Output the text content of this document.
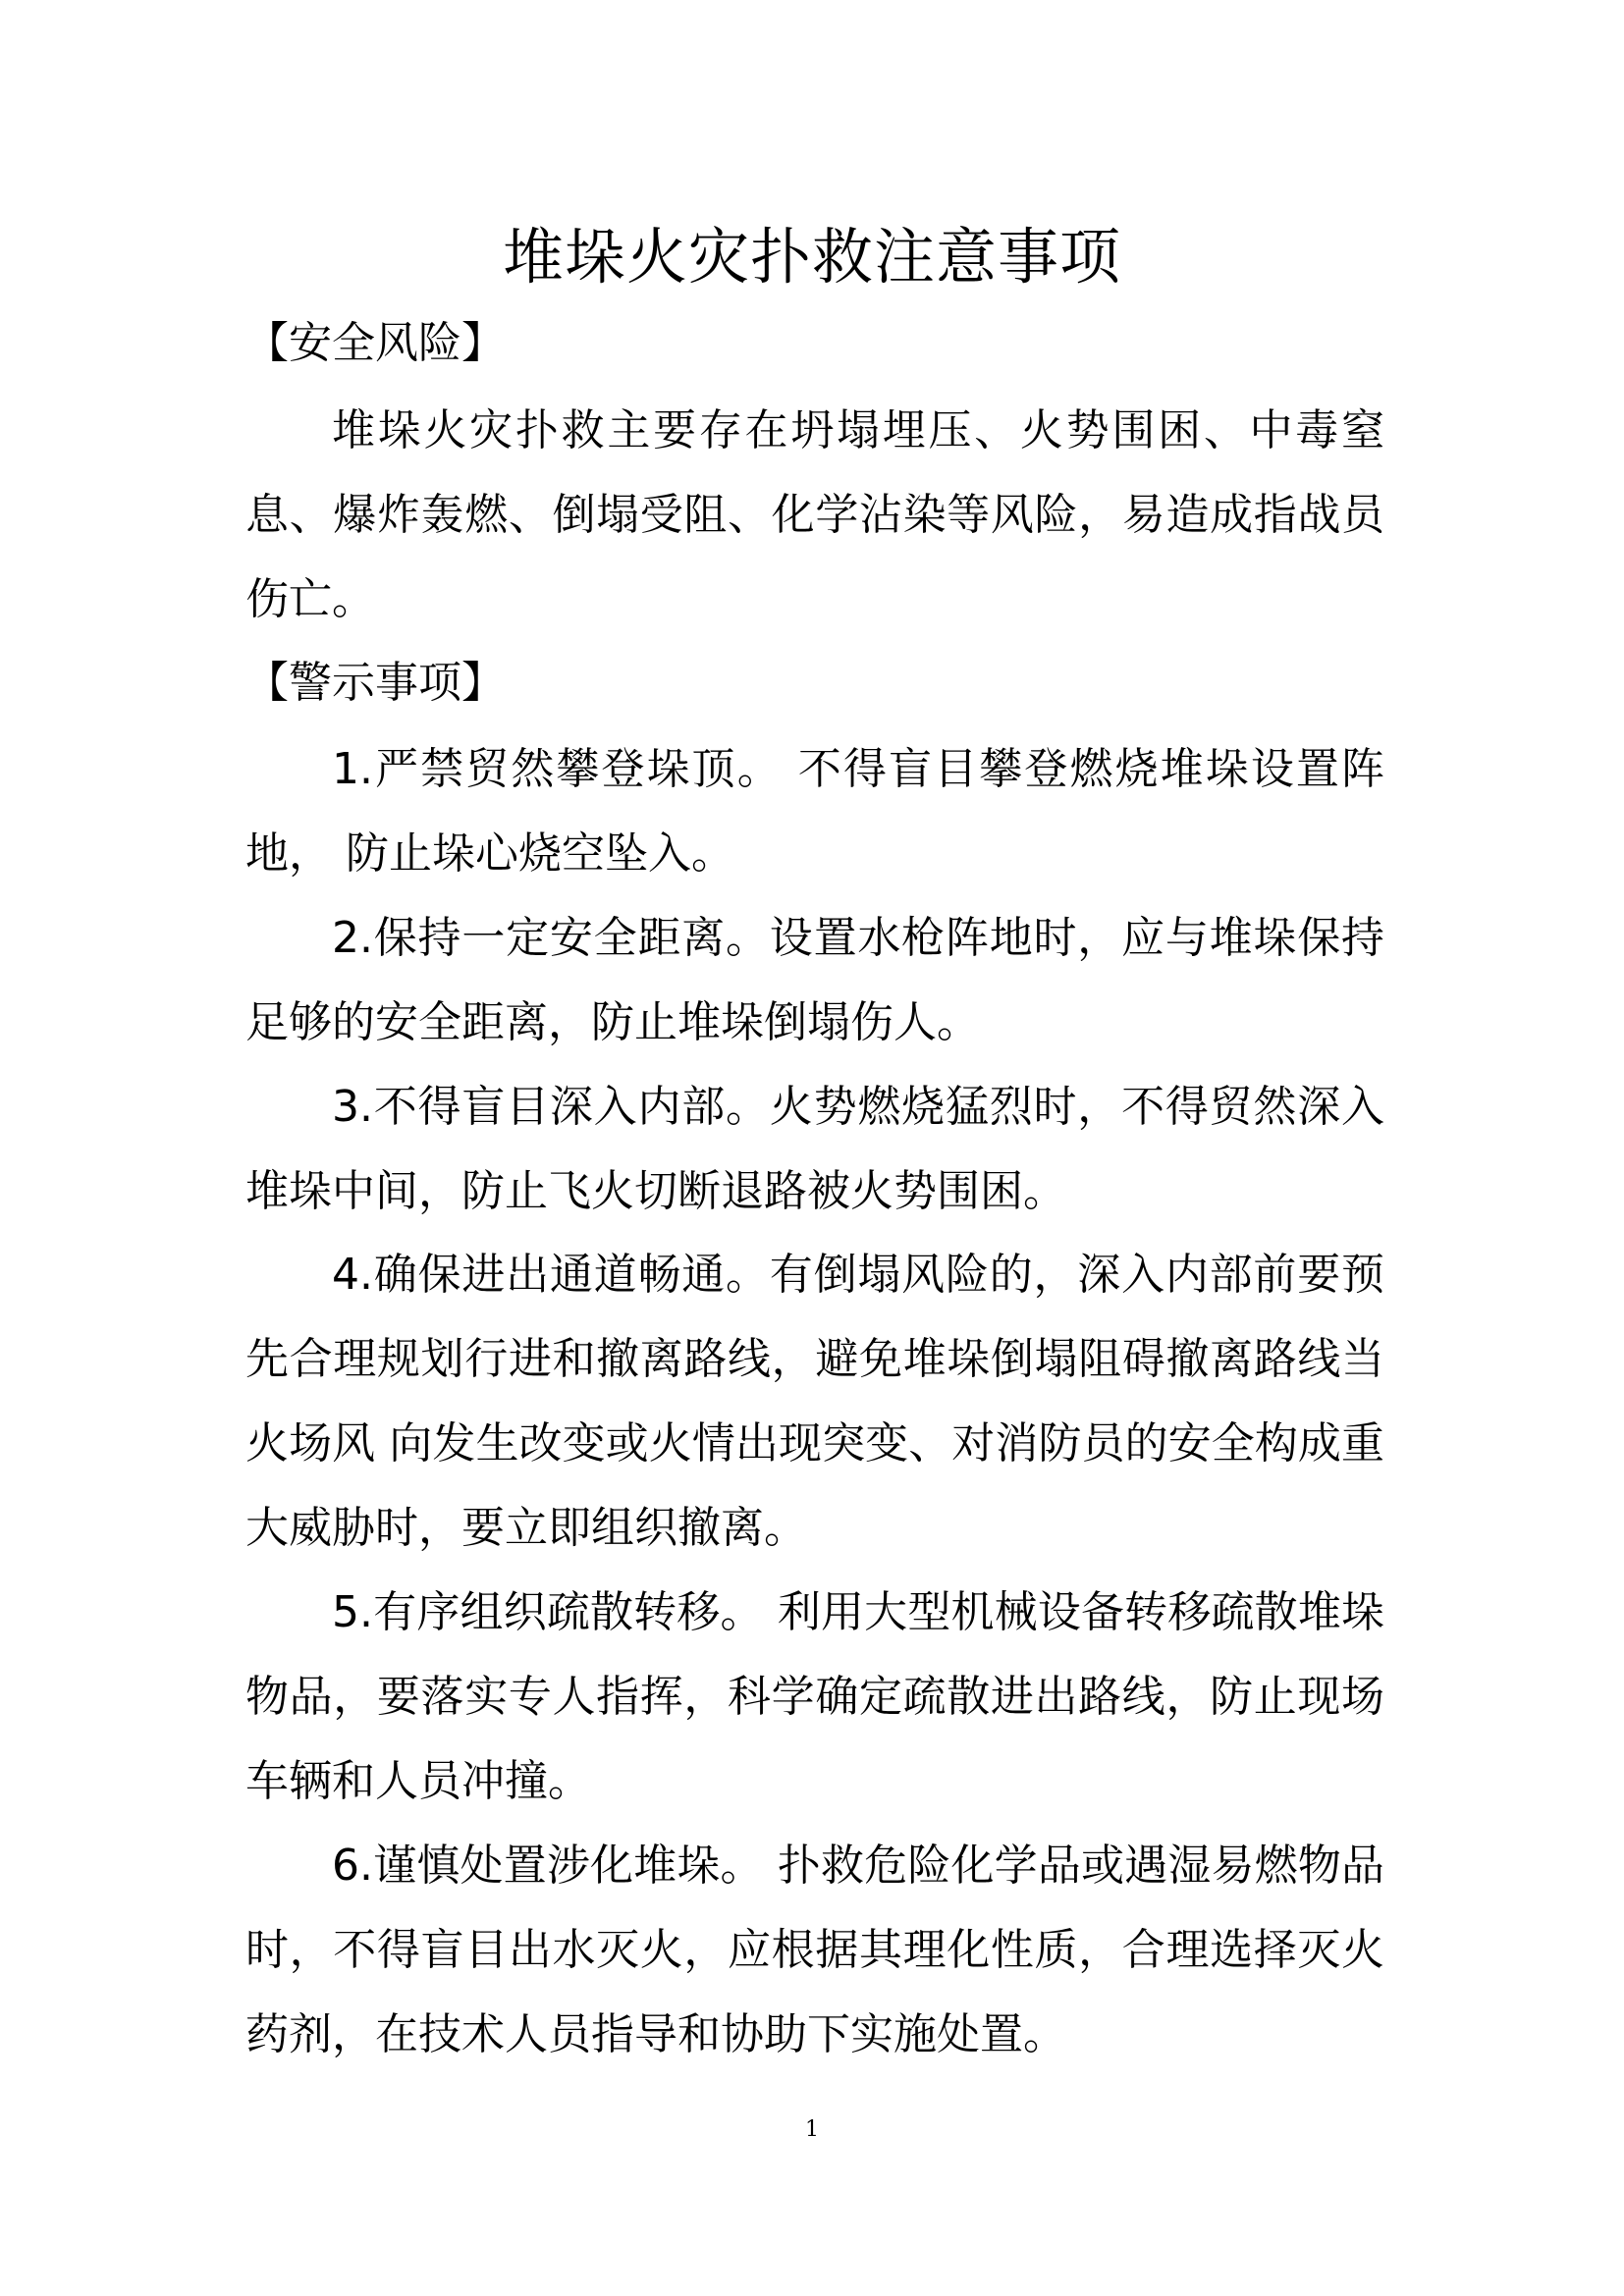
堆垛火灾扑救注意事项
【安全风险】

堆垛火灾扑救主要存在坍塌埋压、火势围困、中毒窒息、爆炸轰燃、倒塌受阻、化学沾染等风险，易造成指战员伤亡。

【警示事项】

1.严禁贸然攀登垛顶。 不得盲目攀登燃烧堆垛设置阵地， 防止垛心烧空坠入。

2.保持一定安全距离。设置水枪阵地时，应与堆垛保持足够的安全距离，防止堆垛倒塌伤人。

3.不得盲目深入内部。火势燃烧猛烈时，不得贸然深入堆垛中间，防止飞火切断退路被火势围困。

4.确保进出通道畅通。有倒塌风险的，深入内部前要预先合理规划行进和撤离路线，避免堆垛倒塌阻碍撤离路线当火场风 向发生改变或火情出现突变、对消防员的安全构成重大威胁时，要立即组织撤离。

5.有序组织疏散转移。 利用大型机械设备转移疏散堆垛物品，要落实专人指挥，科学确定疏散进出路线，防止现场车辆和人员冲撞。

6.谨慎处置涉化堆垛。 扑救危险化学品或遇湿易燃物品时，不得盲目出水灭火，应根据其理化性质，合理选择灭火药剂，在技术人员指导和协助下实施处置。

1
